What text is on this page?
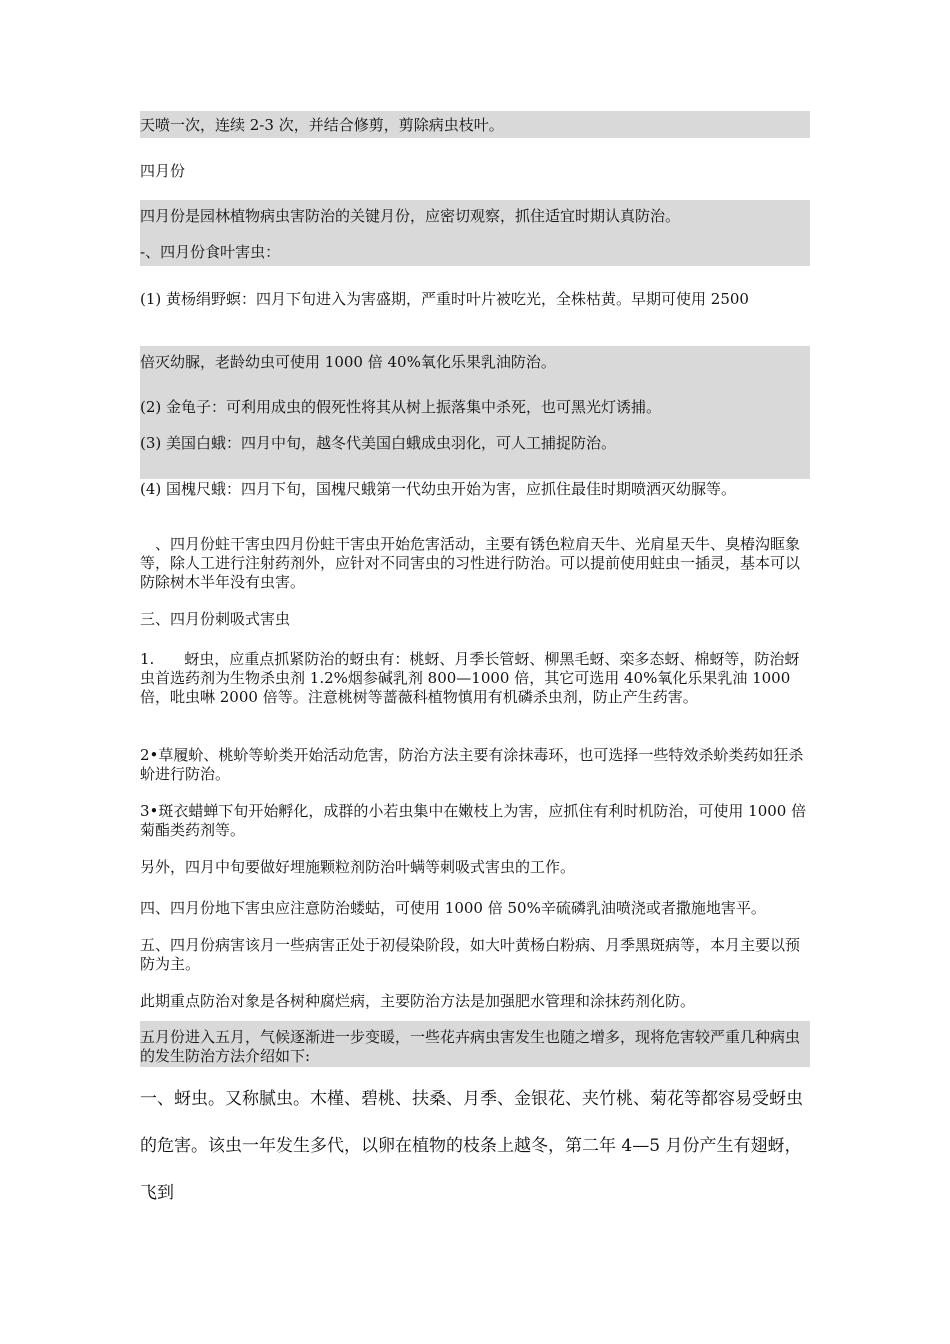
天喷一次，连续 2-3 次，并结合修剪，剪除病虫枝叶。

四月份

四月份是园林植物病虫害防治的关键月份，应密切观察，抓住适宜时期认真防治。

-、四月份食叶害虫：

(1) 黄杨绢野螟：四月下旬进入为害盛期，严重时叶片被吃光，全株枯黄。早期可使用 2500

倍灭幼脲，老龄幼虫可使用 1000 倍 40%氧化乐果乳油防治。

(2) 金龟子：可利用成虫的假死性将其从树上振落集中杀死，也可黑光灯诱捕。

(3) 美国白蛾：四月中旬，越冬代美国白蛾成虫羽化，可人工捕捉防治。

(4) 国槐尺蛾：四月下旬，国槐尺蛾第一代幼虫开始为害，应抓住最佳时期喷洒灭幼脲等。

　、四月份蛀干害虫四月份蛀干害虫开始危害活动，主要有锈色粒肩天牛、光肩星天牛、臭椿沟眶象等，除人工进行注射药剂外，应针对不同害虫的习性进行防治。可以提前使用蛀虫一插灵，基本可以防除树木半年没有虫害。

三、四月份刺吸式害虫

1.　　蚜虫，应重点抓紧防治的蚜虫有：桃蚜、月季长管蚜、柳黑毛蚜、栾多态蚜、棉蚜等，防治蚜虫首选药剂为生物杀虫剂 1.2%烟参碱乳剂 800—1000 倍，其它可选用 40%氧化乐果乳油 1000 倍，吡虫啉 2000 倍等。注意桃树等蔷薇科植物慎用有机磷杀虫剂，防止产生药害。

2•草履蚧、桃蚧等蚧类开始活动危害，防治方法主要有涂抹毒环，也可选择一些特效杀蚧类药如狂杀蚧进行防治。

3•斑衣蜡蝉下旬开始孵化，成群的小若虫集中在嫩枝上为害，应抓住有利时机防治，可使用 1000 倍菊酯类药剂等。

另外，四月中旬要做好埋施颗粒剂防治叶螨等刺吸式害虫的工作。

四、四月份地下害虫应注意防治蝼蛄，可使用 1000 倍 50%辛硫磷乳油喷浇或者撒施地害平。

五、四月份病害该月一些病害正处于初侵染阶段，如大叶黄杨白粉病、月季黑斑病等，本月主要以预防为主。

此期重点防治对象是各树种腐烂病，主要防治方法是加强肥水管理和涂抹药剂化防。

五月份进入五月，气候逐渐进一步变暖，一些花卉病虫害发生也随之增多，现将危害较严重几种病虫的发生防治方法介绍如下:

一、蚜虫。又称腻虫。木槿、碧桃、扶桑、月季、金银花、夹竹桃、菊花等都容易受蚜虫

的危害。该虫一年发生多代，以卵在植物的枝条上越冬，第二年 4—5 月份产生有翅蚜，

飞到
